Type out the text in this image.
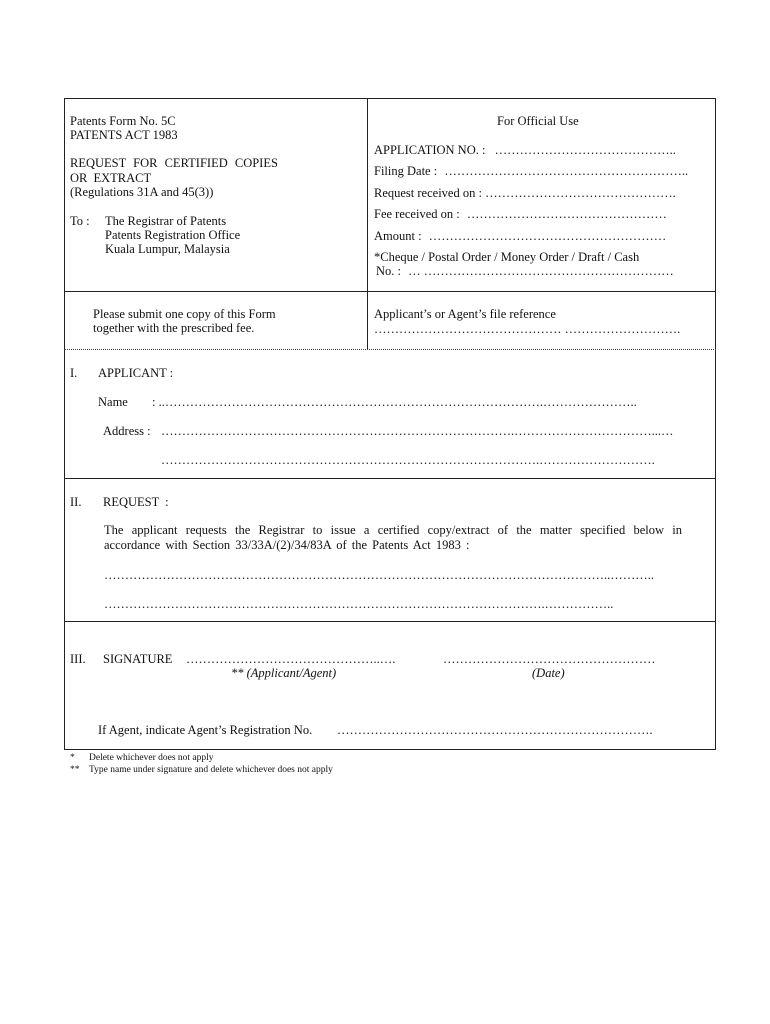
Patents Form No. 5C
PATENTS ACT 1983
REQUEST FOR CERTIFIED COPIES
OR EXTRACT
(Regulations 31A and 45(3))
To : The Registrar of Patents
Patents Registration Office
Kuala Lumpur, Malaysia
For Official Use
APPLICATION NO. : ……………………………………..
Filing Date : …………………………………………………..
Request received on : ……………………………………….
Fee received on : …………………………………………
Amount : …………………………………………………
*Cheque / Postal Order / Money Order / Draft / Cash
No. : … ……………………………………………………
Please submit one copy of this Form
together with the prescribed fee.
Applicant’s or Agent’s file reference
……………………………………… ……………………….
I. APPLICANT :
Name : ..……………………………………………………………………………….…………………..
Address : ………………………………………………………………………….……………………………...…
……………………………………………………………………………….……………………….
II. REQUEST :
The applicant requests the Registrar to issue a certified copy/extract of the matter specified below in accordance with Section 33/33A/(2)/34/83A of the Patents Act 1983 :
…………………………………………………………………………………………………………..………..
…………………………………………………………………………………………….……………..
III. SIGNATURE ………………………………………..….	……………………………………………
** (Applicant/Agent)	(Date)
If Agent, indicate Agent’s Registration No. ………………………………………………………………….
* Delete whichever does not apply
** Type name under signature and delete whichever does not apply
